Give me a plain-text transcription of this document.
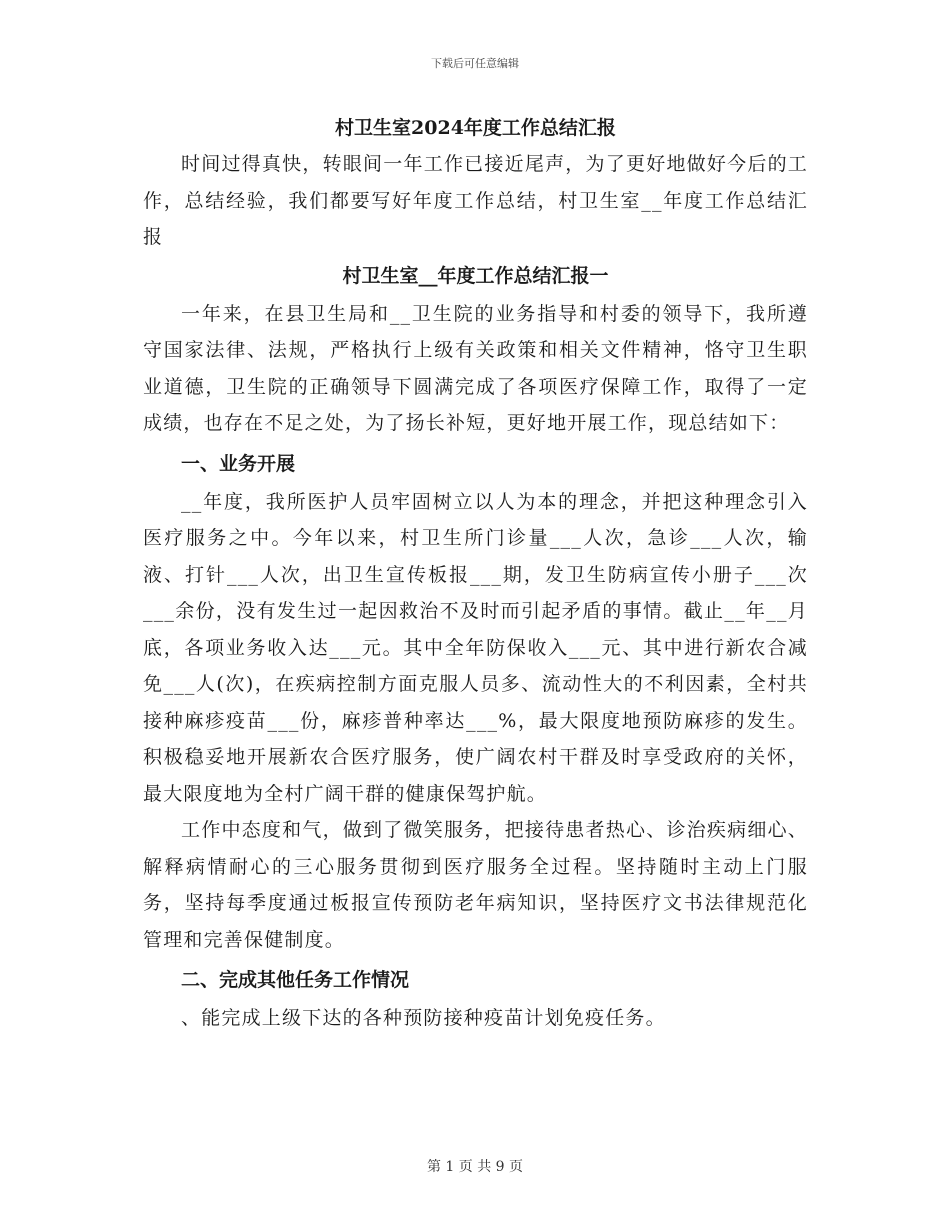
下载后可任意编辑
村卫生室2024年度工作总结汇报

时间过得真快，转眼间一年工作已接近尾声，为了更好地做好今后的工作，总结经验，我们都要写好年度工作总结，村卫生室__年度工作总结汇报

村卫生室__年度工作总结汇报一

一年来，在县卫生局和__卫生院的业务指导和村委的领导下，我所遵守国家法律、法规，严格执行上级有关政策和相关文件精神，恪守卫生职业道德，卫生院的正确领导下圆满完成了各项医疗保障工作，取得了一定成绩，也存在不足之处，为了扬长补短，更好地开展工作，现总结如下：

一、业务开展

__年度，我所医护人员牢固树立以人为本的理念，并把这种理念引入医疗服务之中。今年以来，村卫生所门诊量___人次，急诊___人次，输液、打针___人次，出卫生宣传板报___期，发卫生防病宣传小册子___次___余份，没有发生过一起因救治不及时而引起矛盾的事情。截止__年__月底，各项业务收入达___元。其中全年防保收入___元、其中进行新农合减免___人(次)，在疾病控制方面克服人员多、流动性大的不利因素，全村共接种麻疹疫苗___份，麻疹普种率达___%，最大限度地预防麻疹的发生。积极稳妥地开展新农合医疗服务，使广阔农村干群及时享受政府的关怀，最大限度地为全村广阔干群的健康保驾护航。

工作中态度和气，做到了微笑服务，把接待患者热心、诊治疾病细心、解释病情耐心的三心服务贯彻到医疗服务全过程。坚持随时主动上门服务，坚持每季度通过板报宣传预防老年病知识，坚持医疗文书法律规范化管理和完善保健制度。

二、完成其他任务工作情况

、能完成上级下达的各种预防接种疫苗计划免疫任务。

第 1 页 共 9 页
